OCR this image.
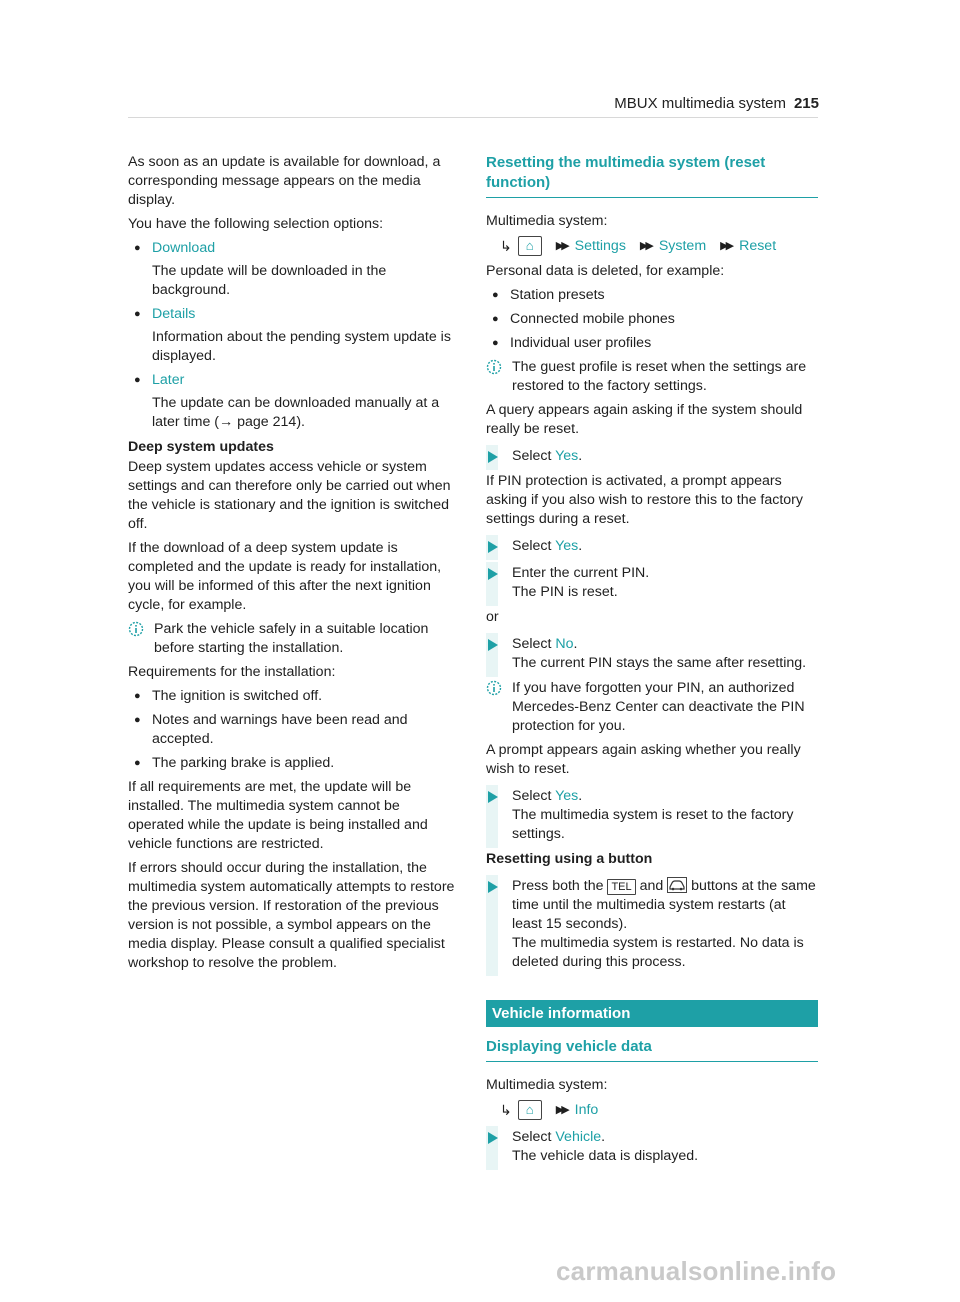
MBUX multimedia system 215

As soon as an update is available for download, a corresponding message appears on the media display.

You have the following selection options:

● Download
The update will be downloaded in the background.
● Details
Information about the pending system update is displayed.
● Later
The update can be downloaded manually at a later time (→ page 214).
Deep system updates

Deep system updates access vehicle or system settings and can therefore only be carried out when the vehicle is stationary and the ignition is switched off.

If the download of a deep system update is completed and the update is ready for installation, you will be informed of this after the next ignition cycle, for example.

Park the vehicle safely in a suitable location before starting the installation.

Requirements for the installation:

● The ignition is switched off.
● Notes and warnings have been read and accepted.
● The parking brake is applied.

If all requirements are met, the update will be installed. The multimedia system cannot be operated while the update is being installed and vehicle functions are restricted.

If errors should occur during the installation, the multimedia system automatically attempts to restore the previous version. If restoration of the previous version is not possible, a symbol appears on the media display. Please consult a qualified specialist workshop to resolve the problem.

Resetting the multimedia system (reset function)

Multimedia system:

↳	⌂	▶▶ Settings ▶▶ System ▶▶ Reset

Personal data is deleted, for example:

● Station presets
● Connected mobile phones
● Individual user profiles
The guest profile is reset when the settings are restored to the factory settings.

A query appears again asking if the system should really be reset.

Select Yes.

If PIN protection is activated, a prompt appears asking if you also wish to restore this to the factory settings during a reset.

Select Yes.
Enter the current PIN.
The PIN is reset.

or

Select No.
The current PIN stays the same after resetting.
If you have forgotten your PIN, an authorized Mercedes-Benz Center can deactivate the PIN protection for you.

A prompt appears again asking whether you really wish to reset.

Select Yes.
The multimedia system is reset to the factory settings.
Resetting using a button
Press both the TEL and buttons at the same time until the multimedia system restarts (at least 15 seconds).
The multimedia system is restarted. No data is deleted during this process.
Vehicle information
Displaying vehicle data

Multimedia system:

↳	⌂	▶▶ Info
Select Vehicle.
The vehicle data is displayed.
carmanualsonline.info
